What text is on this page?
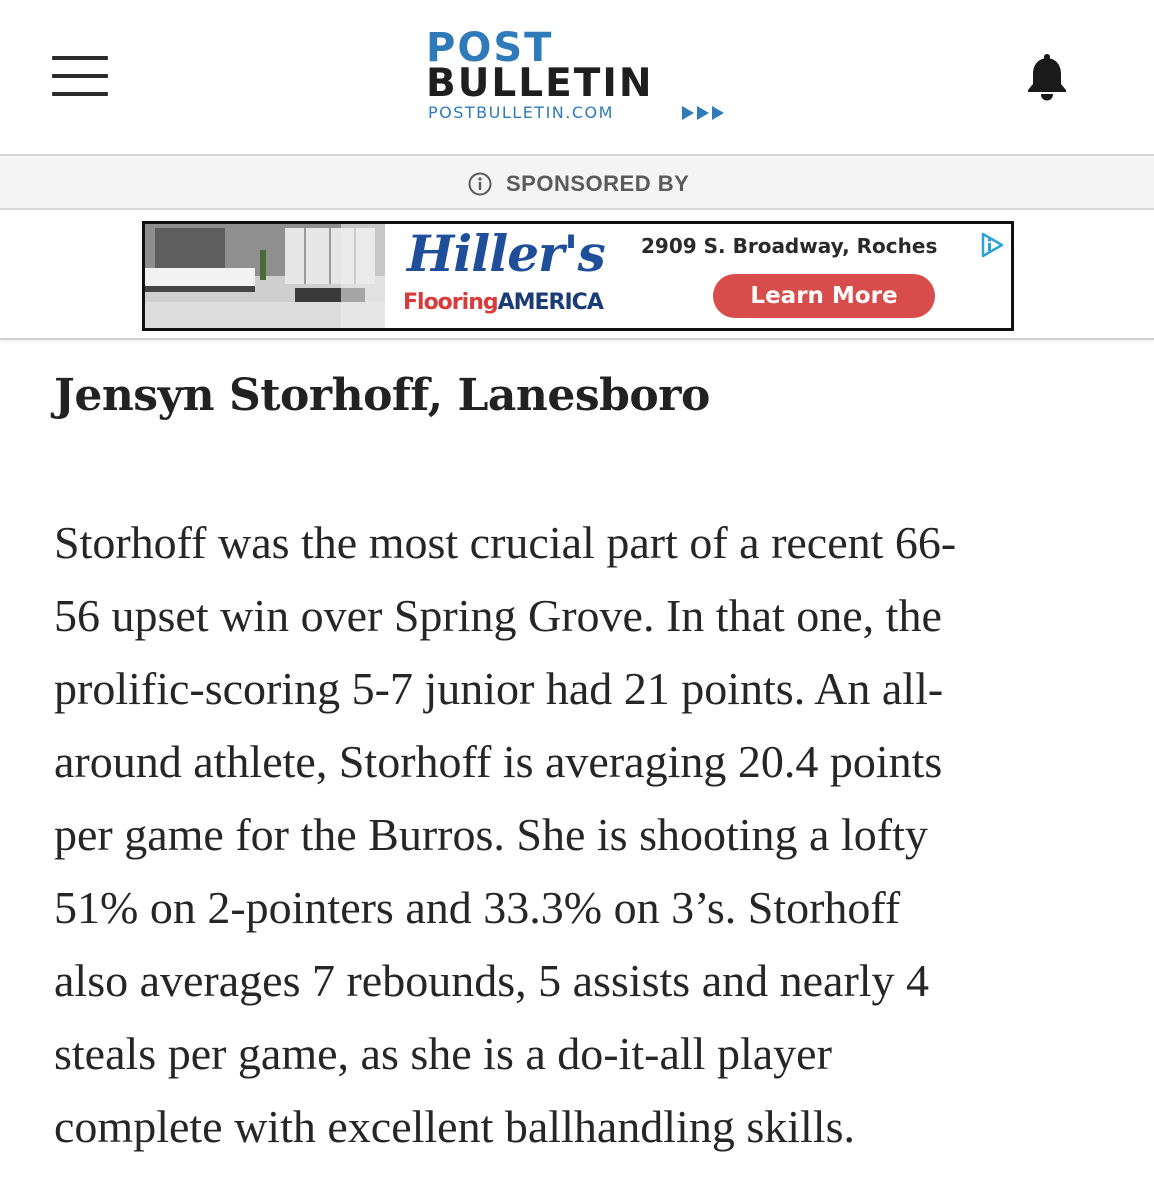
POST
BULLETIN
POSTBULLETIN.COM
SPONSORED BY
Hiller's
FlooringAMERICA
2909 S. Broadway, Roches
Learn More
Jensyn Storhoff, Lanesboro
Storhoff was the most crucial part of a recent 66-
56 upset win over Spring Grove. In that one, the
prolific-scoring 5-7 junior had 21 points. An all-
around athlete, Storhoff is averaging 20.4 points
per game for the Burros. She is shooting a lofty
51% on 2-pointers and 33.3% on 3’s. Storhoff
also averages 7 rebounds, 5 assists and nearly 4
steals per game, as she is a do-it-all player
complete with excellent ballhandling skills.
